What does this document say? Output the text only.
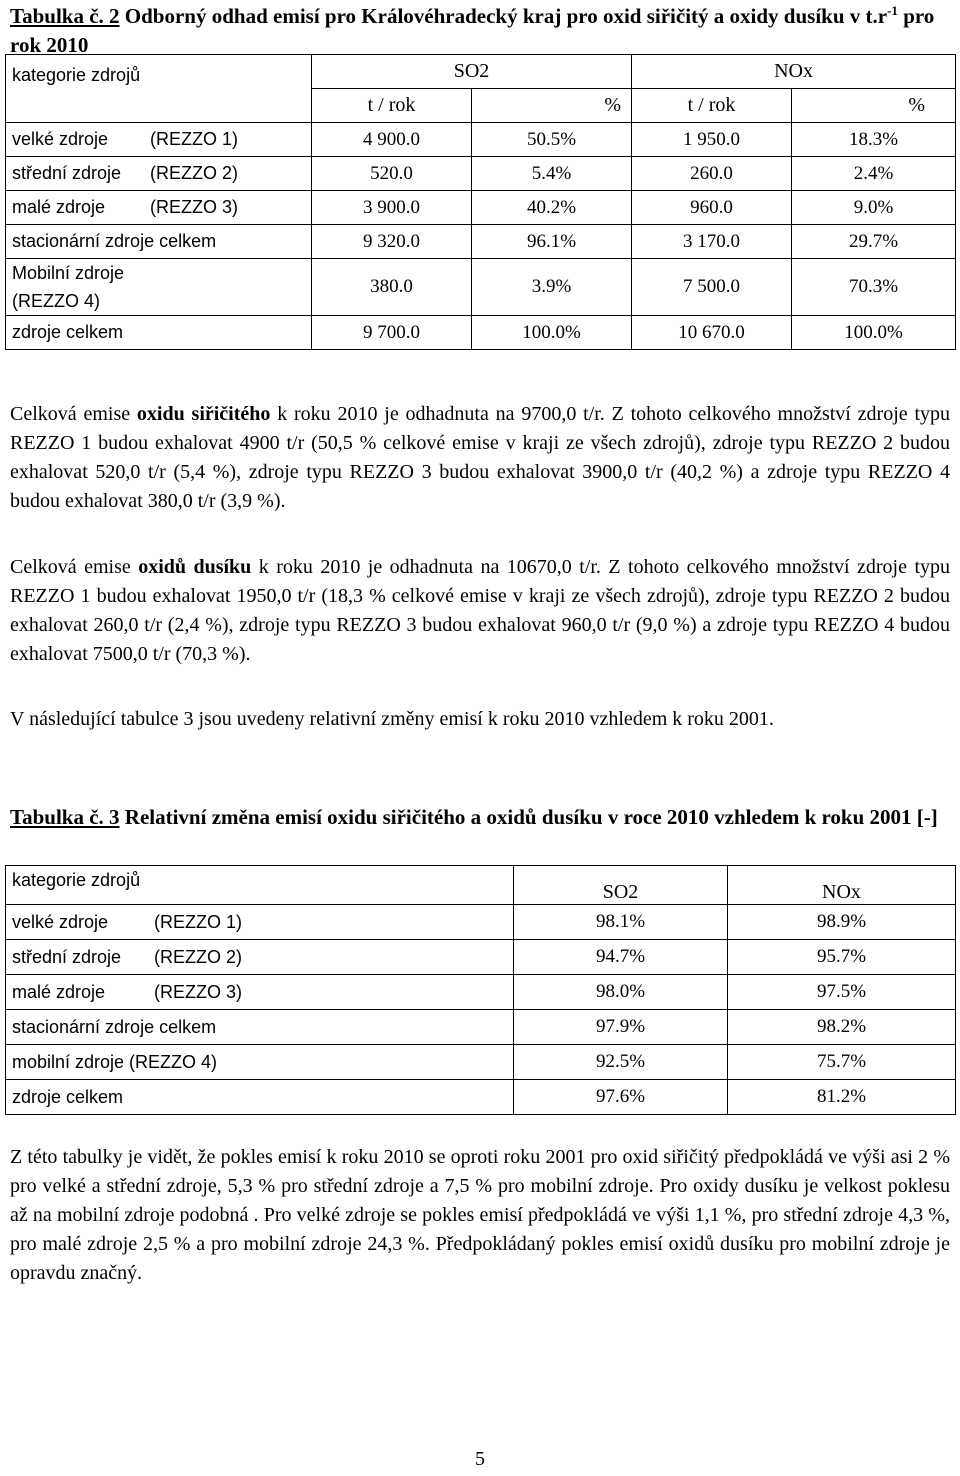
Tabulka č. 2 Odborný odhad emisí pro Královéhradecký kraj pro oxid siřičitý a oxidy dusíku v $t.r^{-1}$ pro rok 2010
kategorie zdrojů	SO2		NOx	
	t / rok	%	t / rok	%
velké zdroje (REZZO 1)	4 900.0	50.5%	1 950.0	18.3%
střední zdroje (REZZO 2)	520.0	5.4%	260.0	2.4%
malé zdroje (REZZO 3)	3 900.0	40.2%	960.0	9.0%
stacionární zdroje celkem	9 320.0	96.1%	3 170.0	29.7%
Mobilní zdroje
(REZZO 4)	380.0	3.9%	7 500.0	70.3%
zdroje celkem	9 700.0	100.0%	10 670.0	100.0%
Celková emise oxidu siřičitého k roku 2010 je odhadnuta na 9700,0 t/r. Z tohoto celkového množství zdroje typu REZZO 1 budou exhalovat 4900 t/r (50,5 % celkové emise v kraji ze všech zdrojů), zdroje typu REZZO 2 budou exhalovat 520,0 t/r (5,4 %), zdroje typu REZZO 3 budou exhalovat 3900,0 t/r (40,2 %) a zdroje typu REZZO 4 budou exhalovat 380,0 t/r (3,9 %).
Celková emise oxidů dusíku k roku 2010 je odhadnuta na 10670,0 t/r. Z tohoto celkového množství zdroje typu REZZO 1 budou exhalovat 1950,0 t/r (18,3 % celkové emise v kraji ze všech zdrojů), zdroje typu REZZO 2 budou exhalovat 260,0 t/r (2,4 %), zdroje typu REZZO 3 budou exhalovat 960,0 t/r (9,0 %) a zdroje typu REZZO 4 budou exhalovat 7500,0 t/r (70,3 %).
V následující tabulce 3 jsou uvedeny relativní změny emisí k roku 2010 vzhledem k roku 2001.
Tabulka č. 3 Relativní změna emisí oxidu siřičitého a oxidů dusíku v roce 2010 vzhledem k roku 2001 [-]
kategorie zdrojů	SO2	NOx
velké zdroje (REZZO 1)	98.1%	98.9%
střední zdroje (REZZO 2)	94.7%	95.7%
malé zdroje (REZZO 3)	98.0%	97.5%
stacionární zdroje celkem	97.9%	98.2%
mobilní zdroje (REZZO 4)	92.5%	75.7%
zdroje celkem	97.6%	81.2%
Z této tabulky je vidět, že pokles emisí k roku 2010 se oproti roku 2001 pro oxid siřičitý předpokládá ve výši asi 2 % pro velké a střední zdroje, 5,3 % pro střední zdroje a 7,5 % pro mobilní zdroje. Pro oxidy dusíku je velkost poklesu až na mobilní zdroje podobná . Pro velké zdroje se pokles emisí předpokládá ve výši 1,1 %, pro střední zdroje 4,3 %, pro malé zdroje 2,5 % a pro mobilní zdroje 24,3 %. Předpokládaný pokles emisí oxidů dusíku pro mobilní zdroje je opravdu značný.
5
